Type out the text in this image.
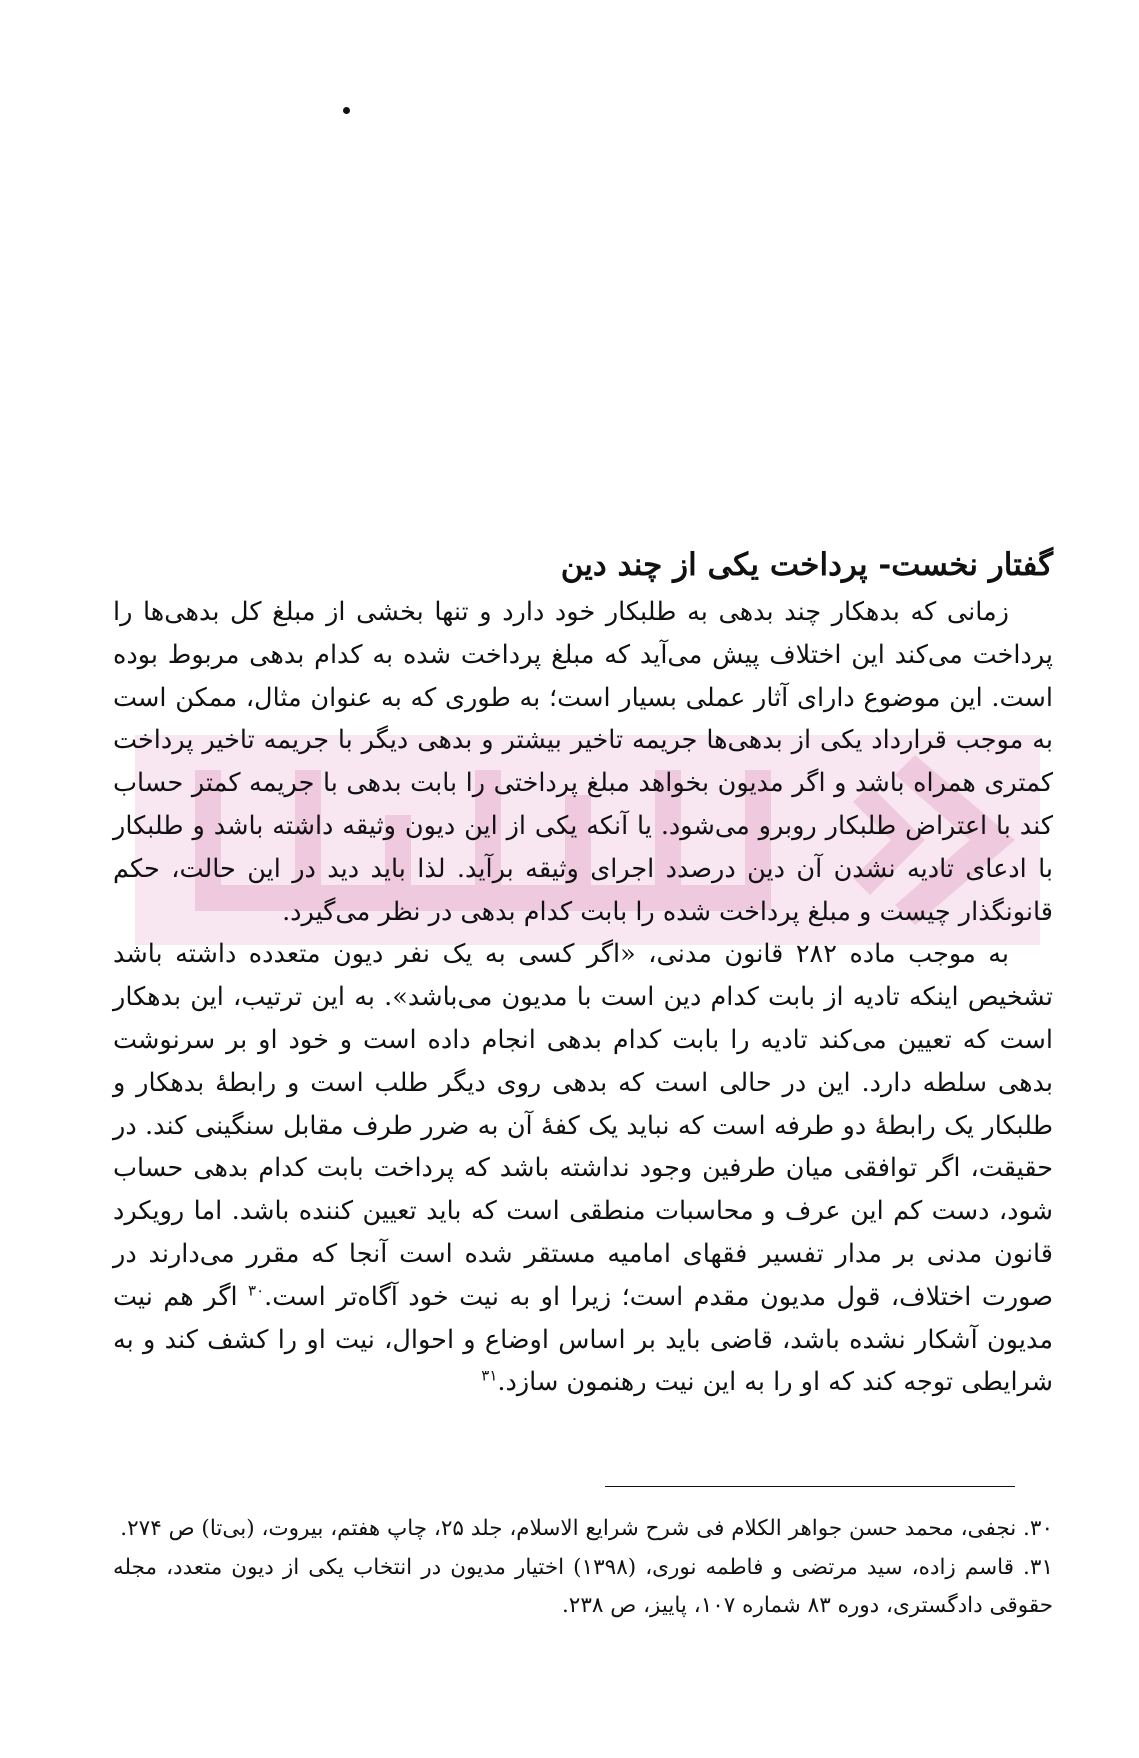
گفتار نخست- پرداخت یکی از چند دین

زمانی که بدهکار چند بدهی به طلبکار خود دارد و تنها بخشی از مبلغ کل بدهی‌ها را پرداخت می‌کند این اختلاف پیش می‌آید که مبلغ پرداخت شده به کدام بدهی مربوط بوده است. این موضوع دارای آثار عملی بسیار است؛ به طوری که به عنوان مثال، ممکن است به موجب قرارداد یکی از بدهی‌ها جریمه تاخیر بیشتر و بدهی دیگر با جریمه تاخیر پرداخت کمتری همراه باشد و اگر مدیون بخواهد مبلغ پرداختی را بابت بدهی با جریمه کمتر حساب کند با اعتراض طلبکار روبرو می‌شود. یا آنکه یکی از این دیون وثیقه داشته باشد و طلبکار با ادعای تادیه نشدن آن دین درصدد اجرای وثیقه برآید. لذا باید دید در این حالت، حکم قانونگذار چیست و مبلغ پرداخت شده را بابت کدام بدهی در نظر می‌گیرد.

به موجب ماده ۲۸۲ قانون مدنی، «اگر کسی به یک نفر دیون متعدده داشته باشد تشخیص اینکه تادیه از بابت کدام دین است با مدیون می‌باشد». به این ترتیب، این بدهکار است که تعیین می‌کند تادیه را بابت کدام بدهی انجام داده است و خود او بر سرنوشت بدهی سلطه دارد. این در حالی است که بدهی روی دیگر طلب است و رابطهٔ بدهکار و طلبکار یک رابطهٔ دو طرفه است که نباید یک کفهٔ آن به ضرر طرف مقابل سنگینی کند. در حقیقت، اگر توافقی میان طرفین وجود نداشته باشد که پرداخت بابت کدام بدهی حساب شود، دست کم این عرف و محاسبات منطقی است که باید تعیین کننده باشد. اما رویکرد قانون مدنی بر مدار تفسیر فقهای امامیه مستقر شده است آنجا که مقرر می‌دارند در صورت اختلاف، قول مدیون مقدم است؛ زیرا او به نیت خود آگاه‌تر است.$^{۳۰}$ اگر هم نیت مدیون آشکار نشده باشد، قاضی باید بر اساس اوضاع و احوال، نیت او را کشف کند و به شرایطی توجه کند که او را به این نیت رهنمون سازد.$^{۳۱}$

۳۰. نجفی، محمد حسن جواهر الکلام فی شرح شرایع الاسلام، جلد ۲۵، چاپ هفتم، بیروت، (بی‌تا) ص ۲۷۴.

۳۱. قاسم زاده، سید مرتضی و فاطمه نوری، (۱۳۹۸) اختیار مدیون در انتخاب یکی از دیون متعدد، مجله حقوقی دادگستری، دوره ۸۳ شماره ۱۰۷، پاییز، ص ۲۳۸.
